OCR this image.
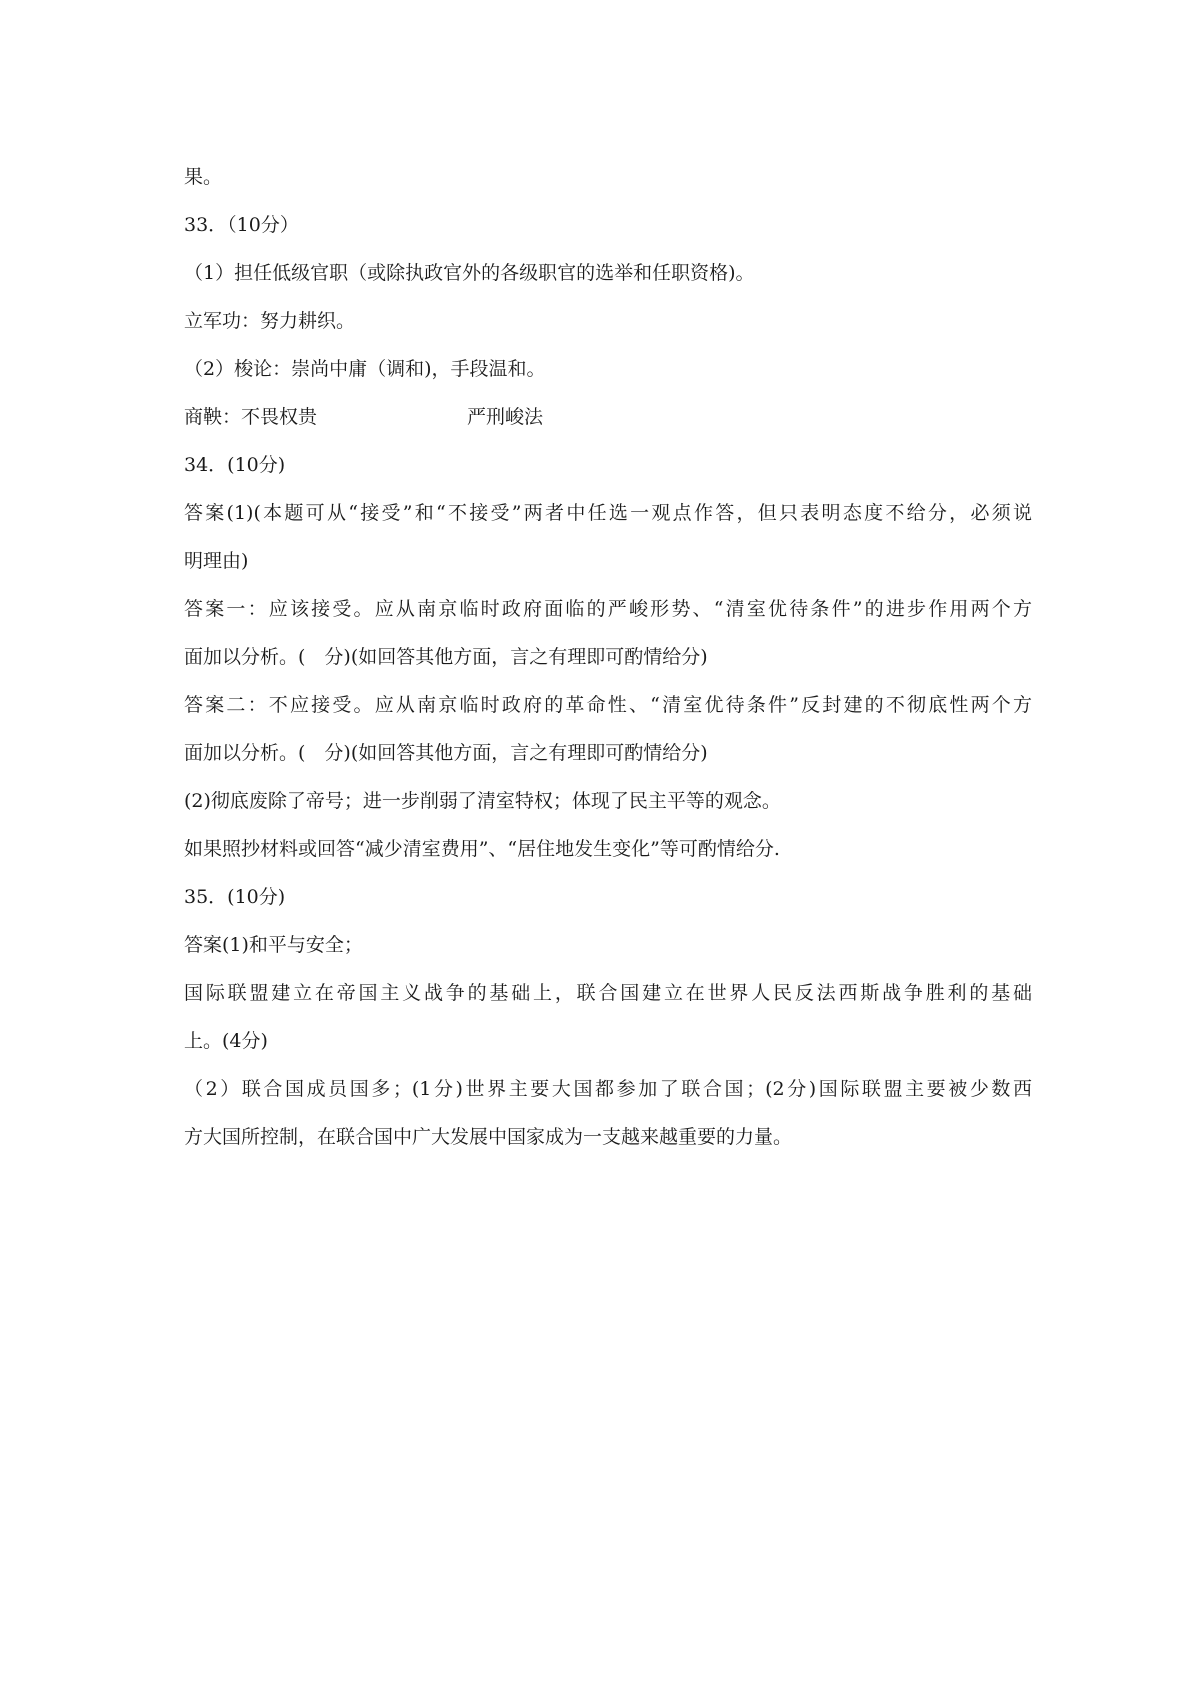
果。
33．（10分）
（1）担任低级官职（或除执政官外的各级职官的选举和任职资格)。
立军功：努力耕织。
（2）梭论：崇尚中庸（调和)，手段温和。
商鞅：不畏权贵	严刑峻法
34．(10分)
答案(1)(本题可从“接受”和“不接受”两者中任选一观点作答，但只表明态度不给分，必须说
明理由)
答案一：应该接受。应从南京临时政府面临的严峻形势、“清室优待条件”的进步作用两个方
面加以分析。(　分)(如回答其他方面，言之有理即可酌情给分)
答案二：不应接受。应从南京临时政府的革命性、“清室优待条件”反封建的不彻底性两个方
面加以分析。(　分)(如回答其他方面，言之有理即可酌情给分)
(2)彻底废除了帝号；进一步削弱了清室特权；体现了民主平等的观念。
如果照抄材料或回答“减少清室费用”、“居住地发生变化”等可酌情给分.
35．(10分)
答案(1)和平与安全；
国际联盟建立在帝国主义战争的基础上，联合国建立在世界人民反法西斯战争胜利的基础
上。(4分)
（2）联合国成员国多；(1分)世界主要大国都参加了联合国；(2分)国际联盟主要被少数西
方大国所控制，在联合国中广大发展中国家成为一支越来越重要的力量。
